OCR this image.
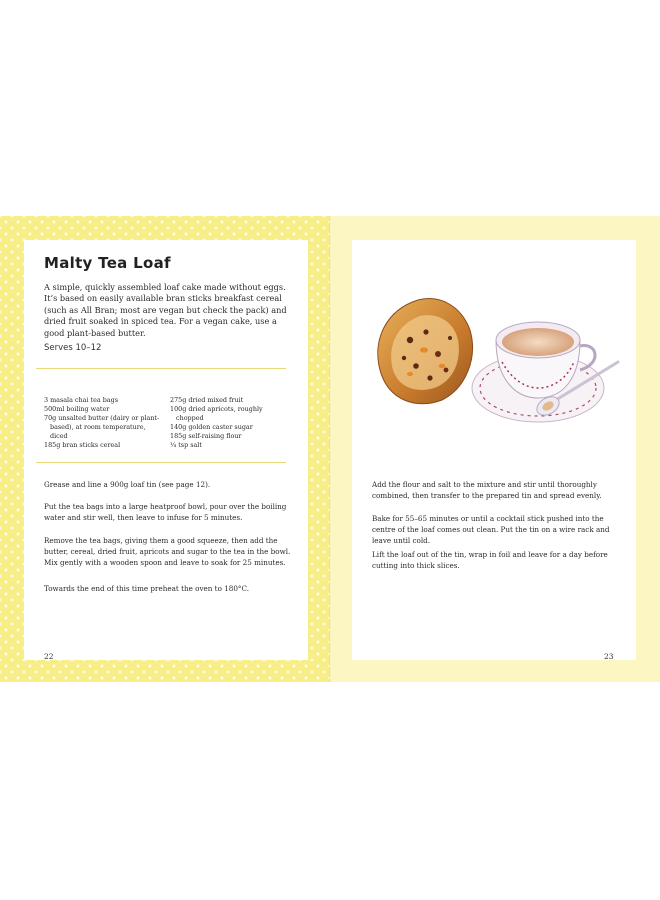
Malty Tea Loaf
A simple, quickly assembled loaf cake made without eggs. It’s based on easily available bran sticks breakfast cereal (such as All Bran; most are vegan but check the pack) and dried fruit soaked in spiced tea. For a vegan cake, use a good plant-based butter.
Serves 10–12
3 masala chai tea bags
500ml boiling water
70g unsalted butter (dairy or plant-based), at room temperature, diced
185g bran sticks cereal
275g dried mixed fruit
100g dried apricots, roughly chopped
140g golden caster sugar
185g self-raising flour
¼ tsp salt
Grease and line a 900g loaf tin (see page 12).
Put the tea bags into a large heatproof bowl, pour over the boiling water and stir well, then leave to infuse for 5 minutes.
Remove the tea bags, giving them a good squeeze, then add the butter, cereal, dried fruit, apricots and sugar to the tea in the bowl. Mix gently with a wooden spoon and leave to soak for 25 minutes.
Towards the end of this time preheat the oven to 180°C.
22
Add the flour and salt to the mixture and stir until thoroughly combined, then transfer to the prepared tin and spread evenly.
Bake for 55–65 minutes or until a cocktail stick pushed into the centre of the loaf comes out clean. Put the tin on a wire rack and leave until cold.
Lift the loaf out of the tin, wrap in foil and leave for a day before cutting into thick slices.
23
